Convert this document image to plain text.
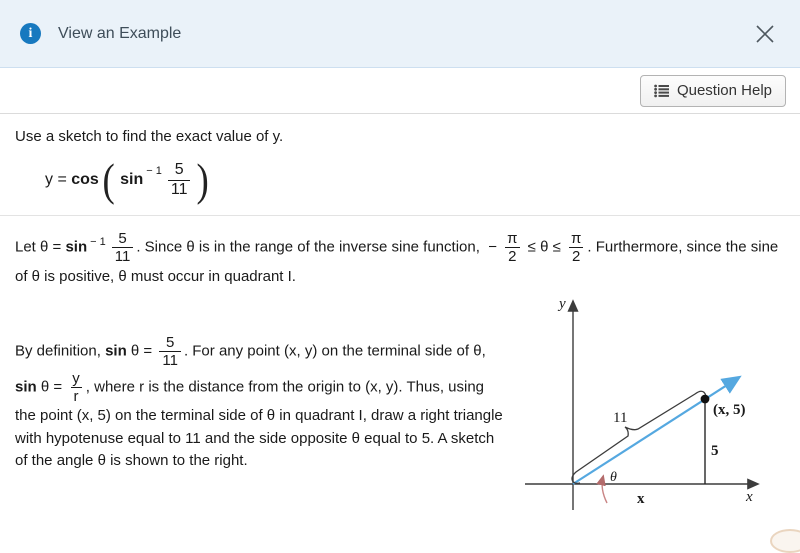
i View an Example
Question Help
Use a sketch to find the exact value of y.
y = cos ( $\sin - 1 \frac{5}{11}$ )

Let $\theta = \sin ^{- 1} \frac{5}{11}$ . Since θ is in the range of the inverse sine function,  − $\frac{\pi}{2} \le \theta \le \frac{\pi}{2}$ . Furthermore, since the sine of θ is positive, θ must occur in quadrant I.

y
x
θ
11	(x, 5)
5
x

By definition, $\sin \theta = \frac{5}{11}$ . For any point (x, y) on the terminal side of θ, $\sin \theta = \frac{y}{r}$ , where r is the distance from the origin to (x, y). Thus, using the point (x, 5) on the terminal side of θ in quadrant I, draw a right triangle with hypotenuse equal to 11 and the side opposite θ equal to 5. A sketch of the angle θ is shown to the right.
